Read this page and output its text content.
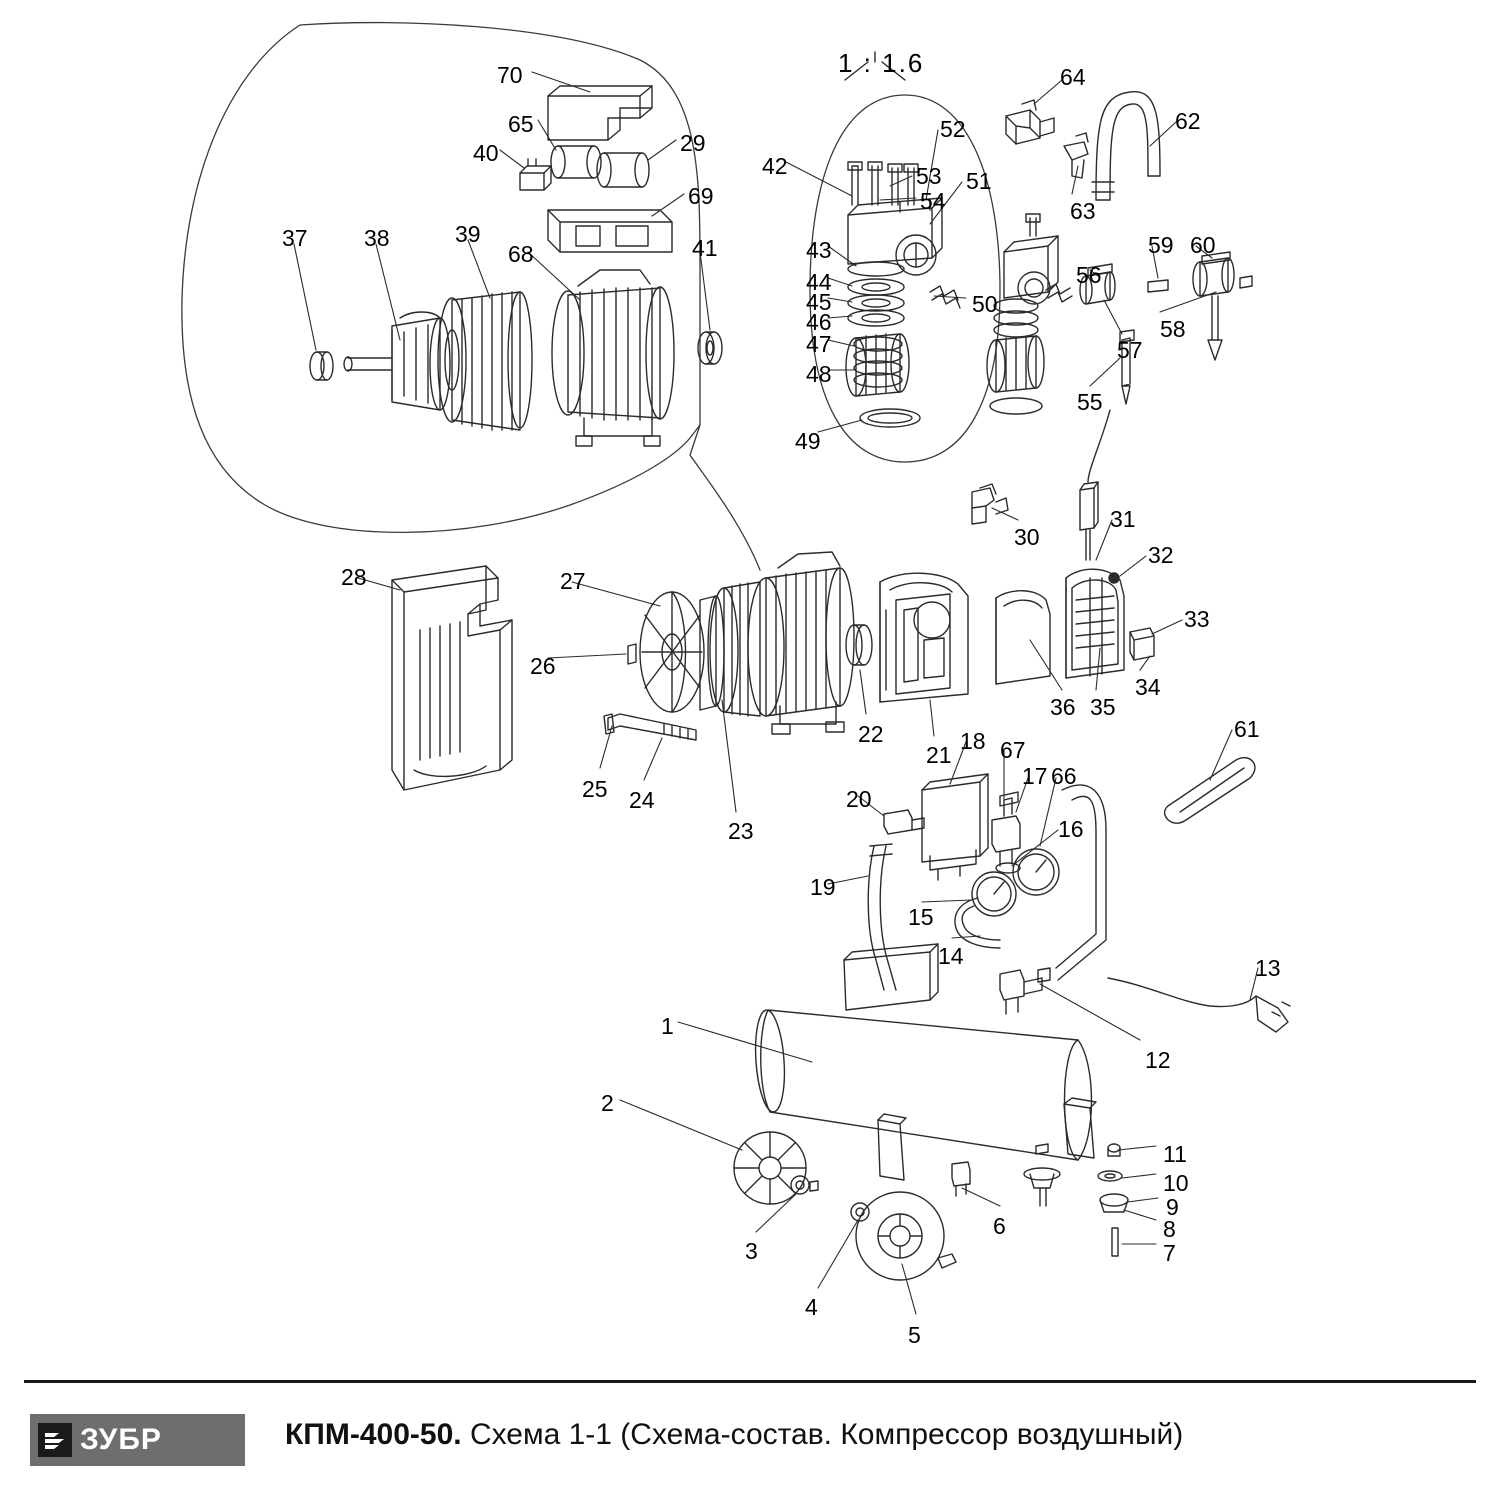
1 : 1.6
70
65
40	29
69
37 38	39
68	41
42
52
53
54
51
64
62
63
43
44
45
46
47
48
50
49
59 60
56
58
57
55
30
31
32
33
34
28	27
26
25 24
23
22
21
18 67
17 66
16
36 35
61
20
19
15
14	13
12
1
2
3
4
5
6
11
10
9
8
7
ЗУБР	КПМ-400-50. Схема 1-1 (Схема-состав. Компрессор воздушный)
